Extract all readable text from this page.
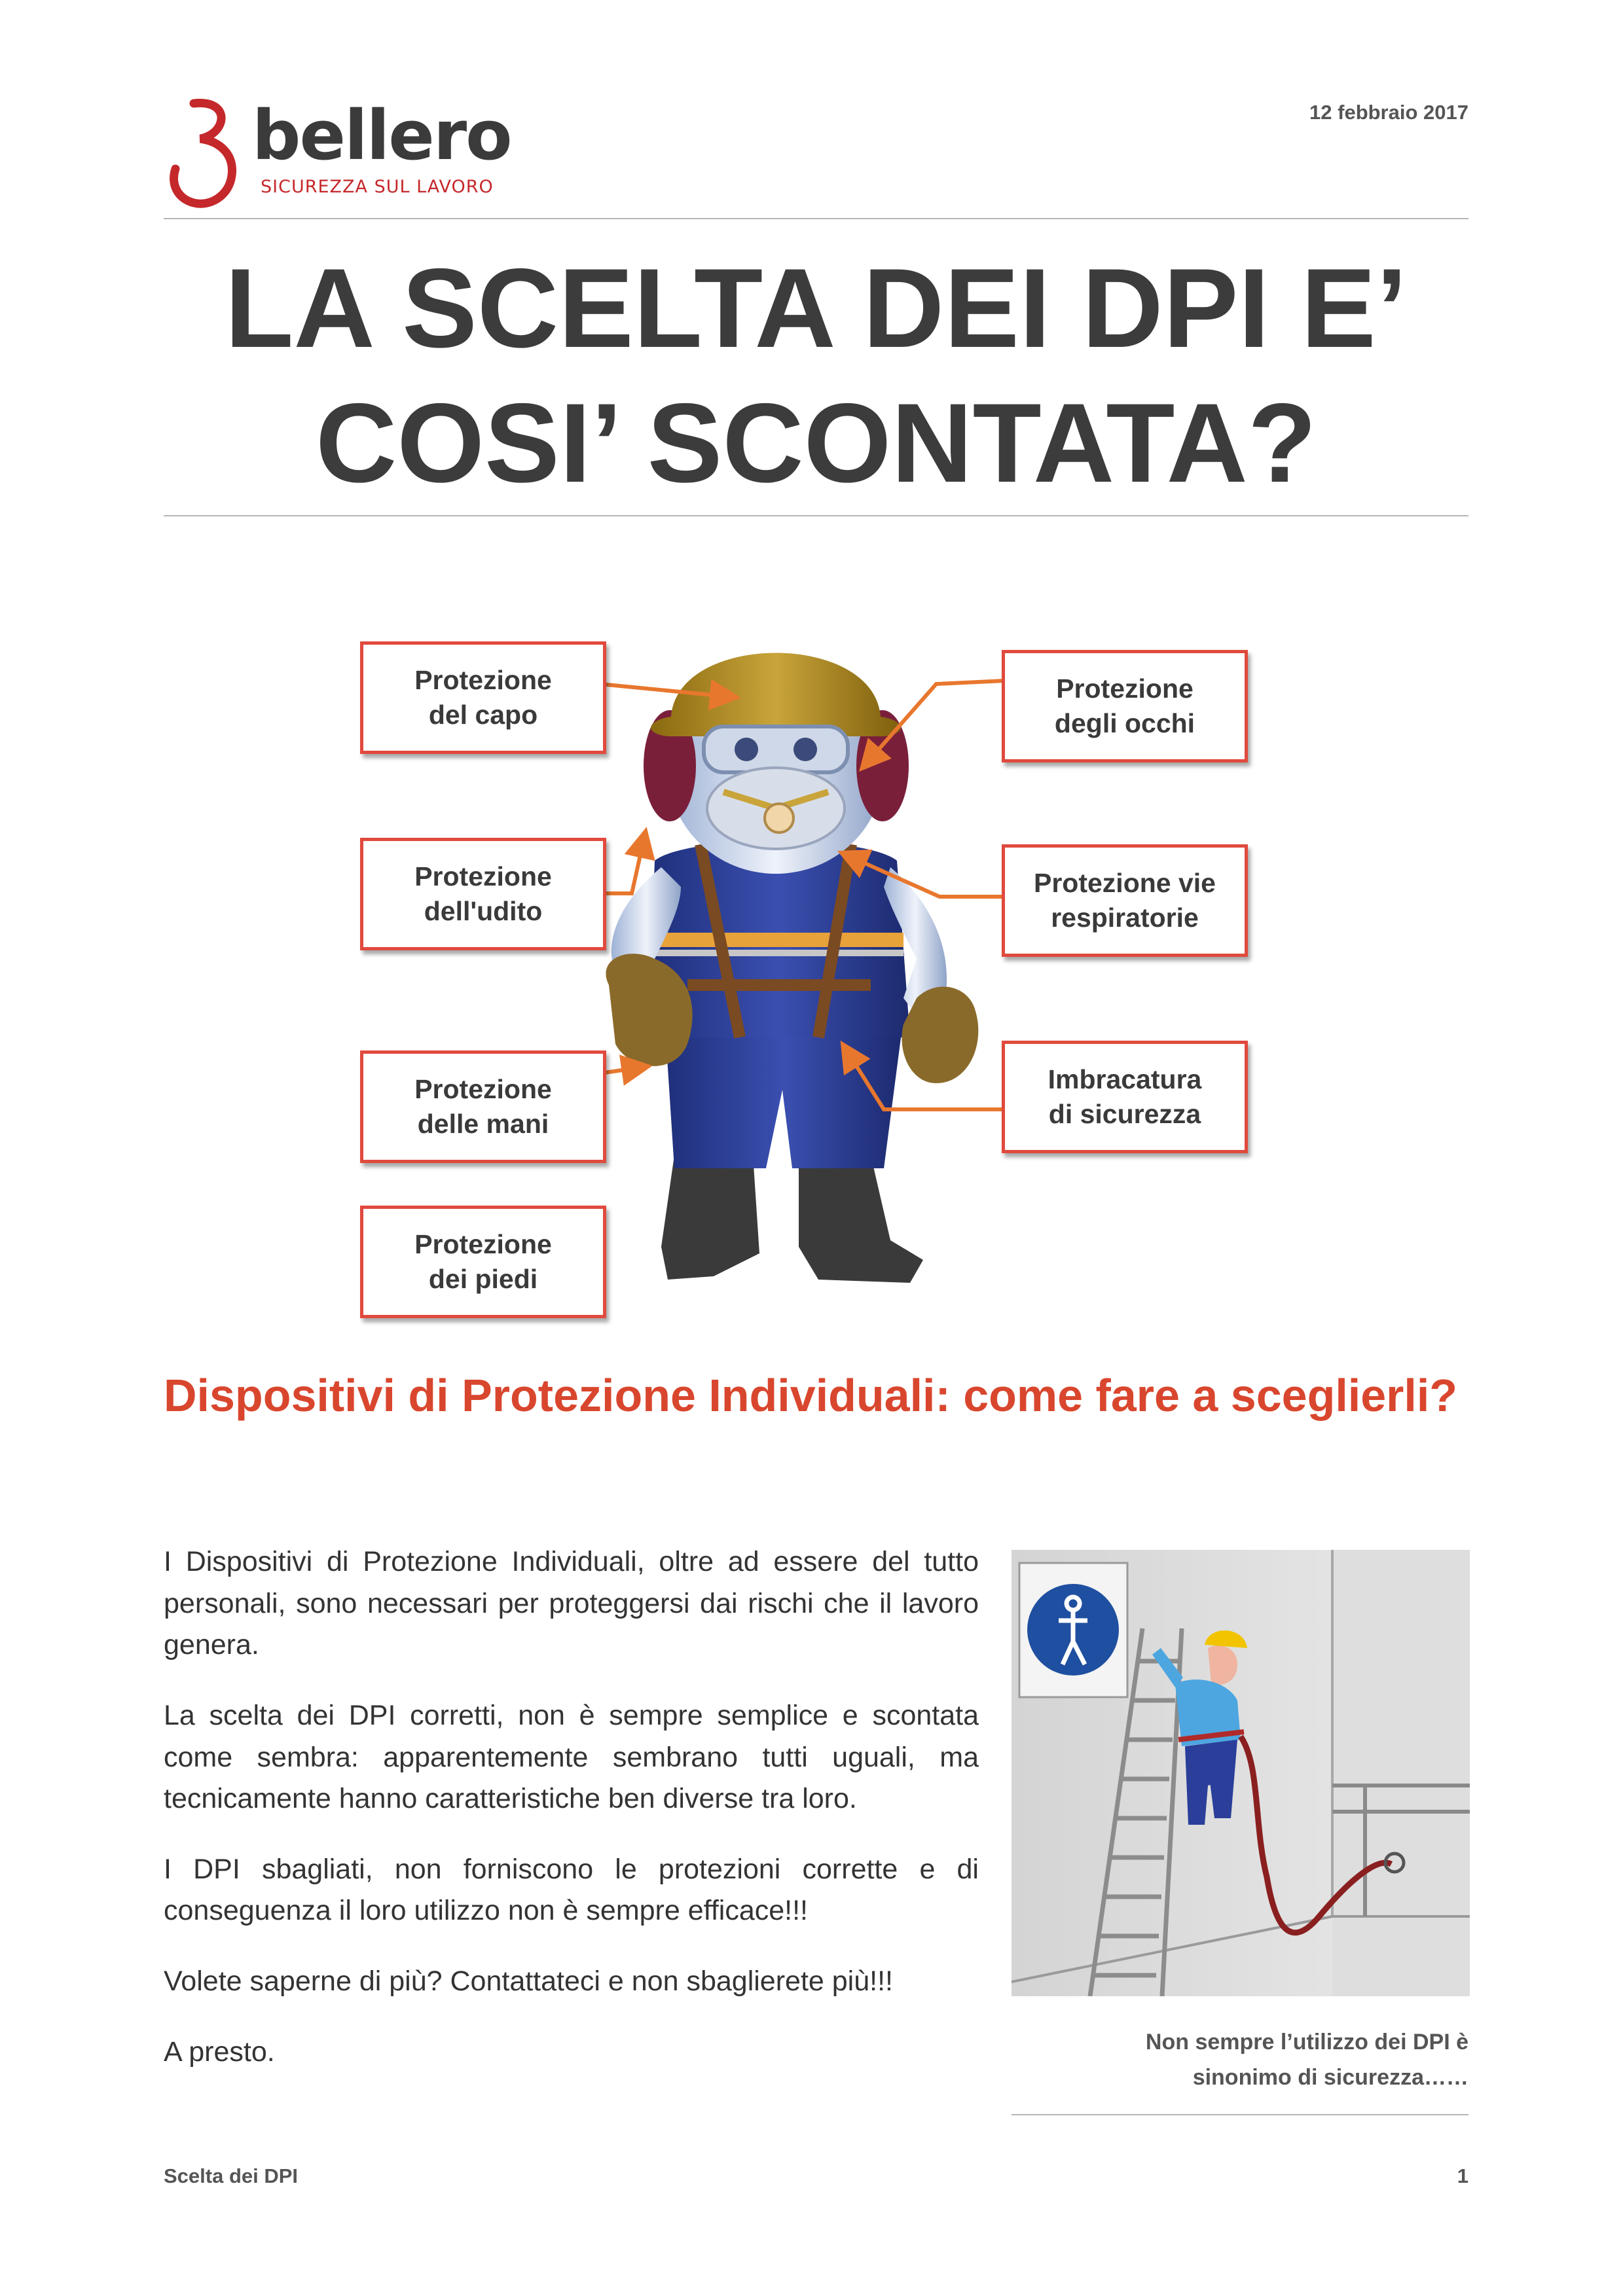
bellero
SICUREZZA SUL LAVORO
12 febbraio 2017
LA SCELTA DEI DPI E’
COSI’ SCONTATA?
Protezione
del capo
Protezione
degli occhi
Protezione
dell'udito
Protezione vie
respiratorie
Protezione
delle mani
Imbracatura
di sicurezza
Protezione
dei piedi
Dispositivi di Protezione Individuali: come fare a sceglierli?

I Dispositivi di Protezione Individuali, oltre ad essere del tutto personali, sono necessari per proteggersi dai rischi che il lavoro genera.

La scelta dei DPI corretti, non è sempre semplice e scontata come sembra: apparentemente sembrano tutti uguali, ma tecnicamente hanno caratteristiche ben diverse tra loro.

I DPI sbagliati, non forniscono le protezioni corrette e di conseguenza il loro utilizzo non è sempre efficace!!!

Volete saperne di più? Contattateci e non sbaglierete più!!!

A presto.	Non sempre l’utilizzo dei DPI è
sinonimo di sicurezza……
Scelta dei DPI	1
